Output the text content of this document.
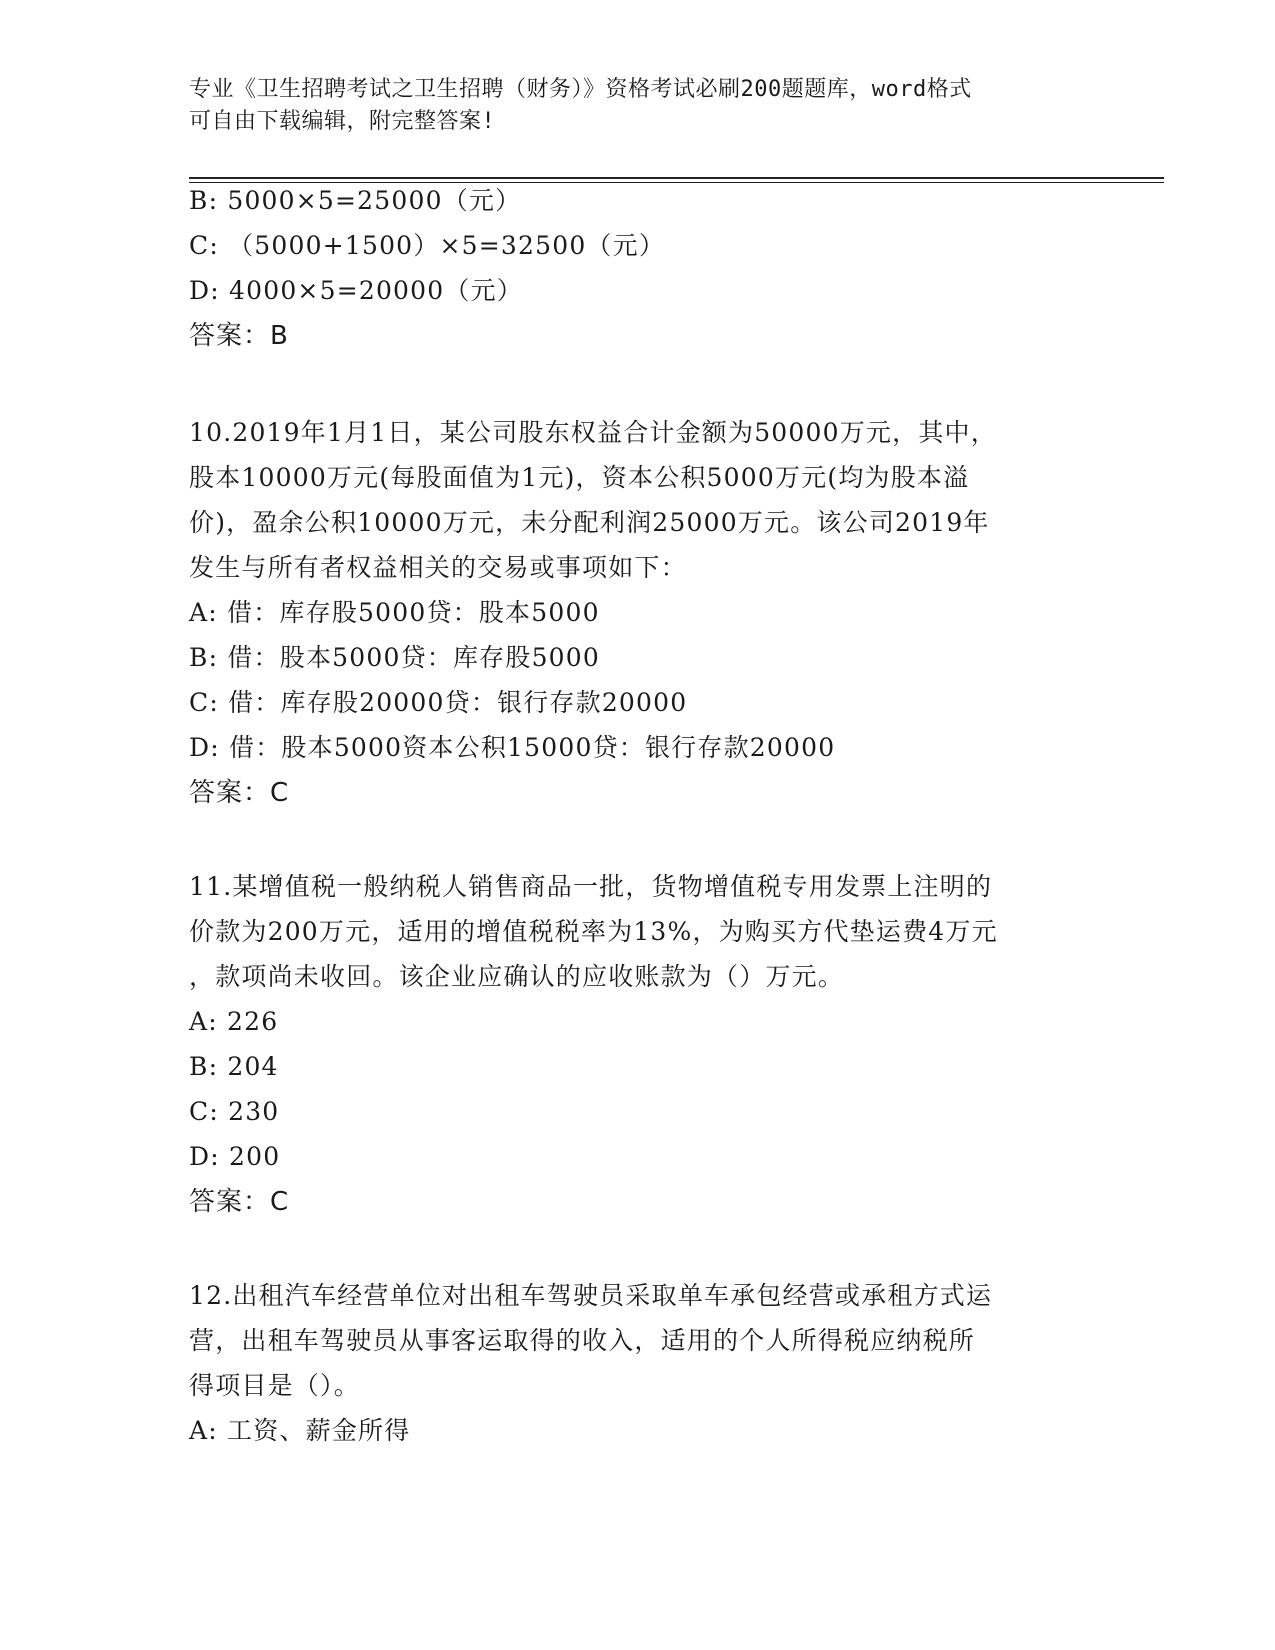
专业《卫生招聘考试之卫生招聘（财务）》资格考试必刷200题题库，word格式
可自由下载编辑，附完整答案!
B: 5000×5=25000（元）
C: （5000+1500）×5=32500（元）
D: 4000×5=20000（元）
答案：B
10.2019年1月1日，某公司股东权益合计金额为50000万元，其中，
股本10000万元(每股面值为1元)，资本公积5000万元(均为股本溢
价)，盈余公积10000万元，未分配利润25000万元。该公司2019年
发生与所有者权益相关的交易或事项如下：
A: 借：库存股5000贷：股本5000
B: 借：股本5000贷：库存股5000
C: 借：库存股20000贷：银行存款20000
D: 借：股本5000资本公积15000贷：银行存款20000
答案：C
11.某增值税一般纳税人销售商品一批，货物增值税专用发票上注明的
价款为200万元，适用的增值税税率为13%，为购买方代垫运费4万元
，款项尚未收回。该企业应确认的应收账款为（）万元。
A: 226
B: 204
C: 230
D: 200
答案：C
12.出租汽车经营单位对出租车驾驶员采取单车承包经营或承租方式运
营，出租车驾驶员从事客运取得的收入，适用的个人所得税应纳税所
得项目是（）。
A: 工资、薪金所得
